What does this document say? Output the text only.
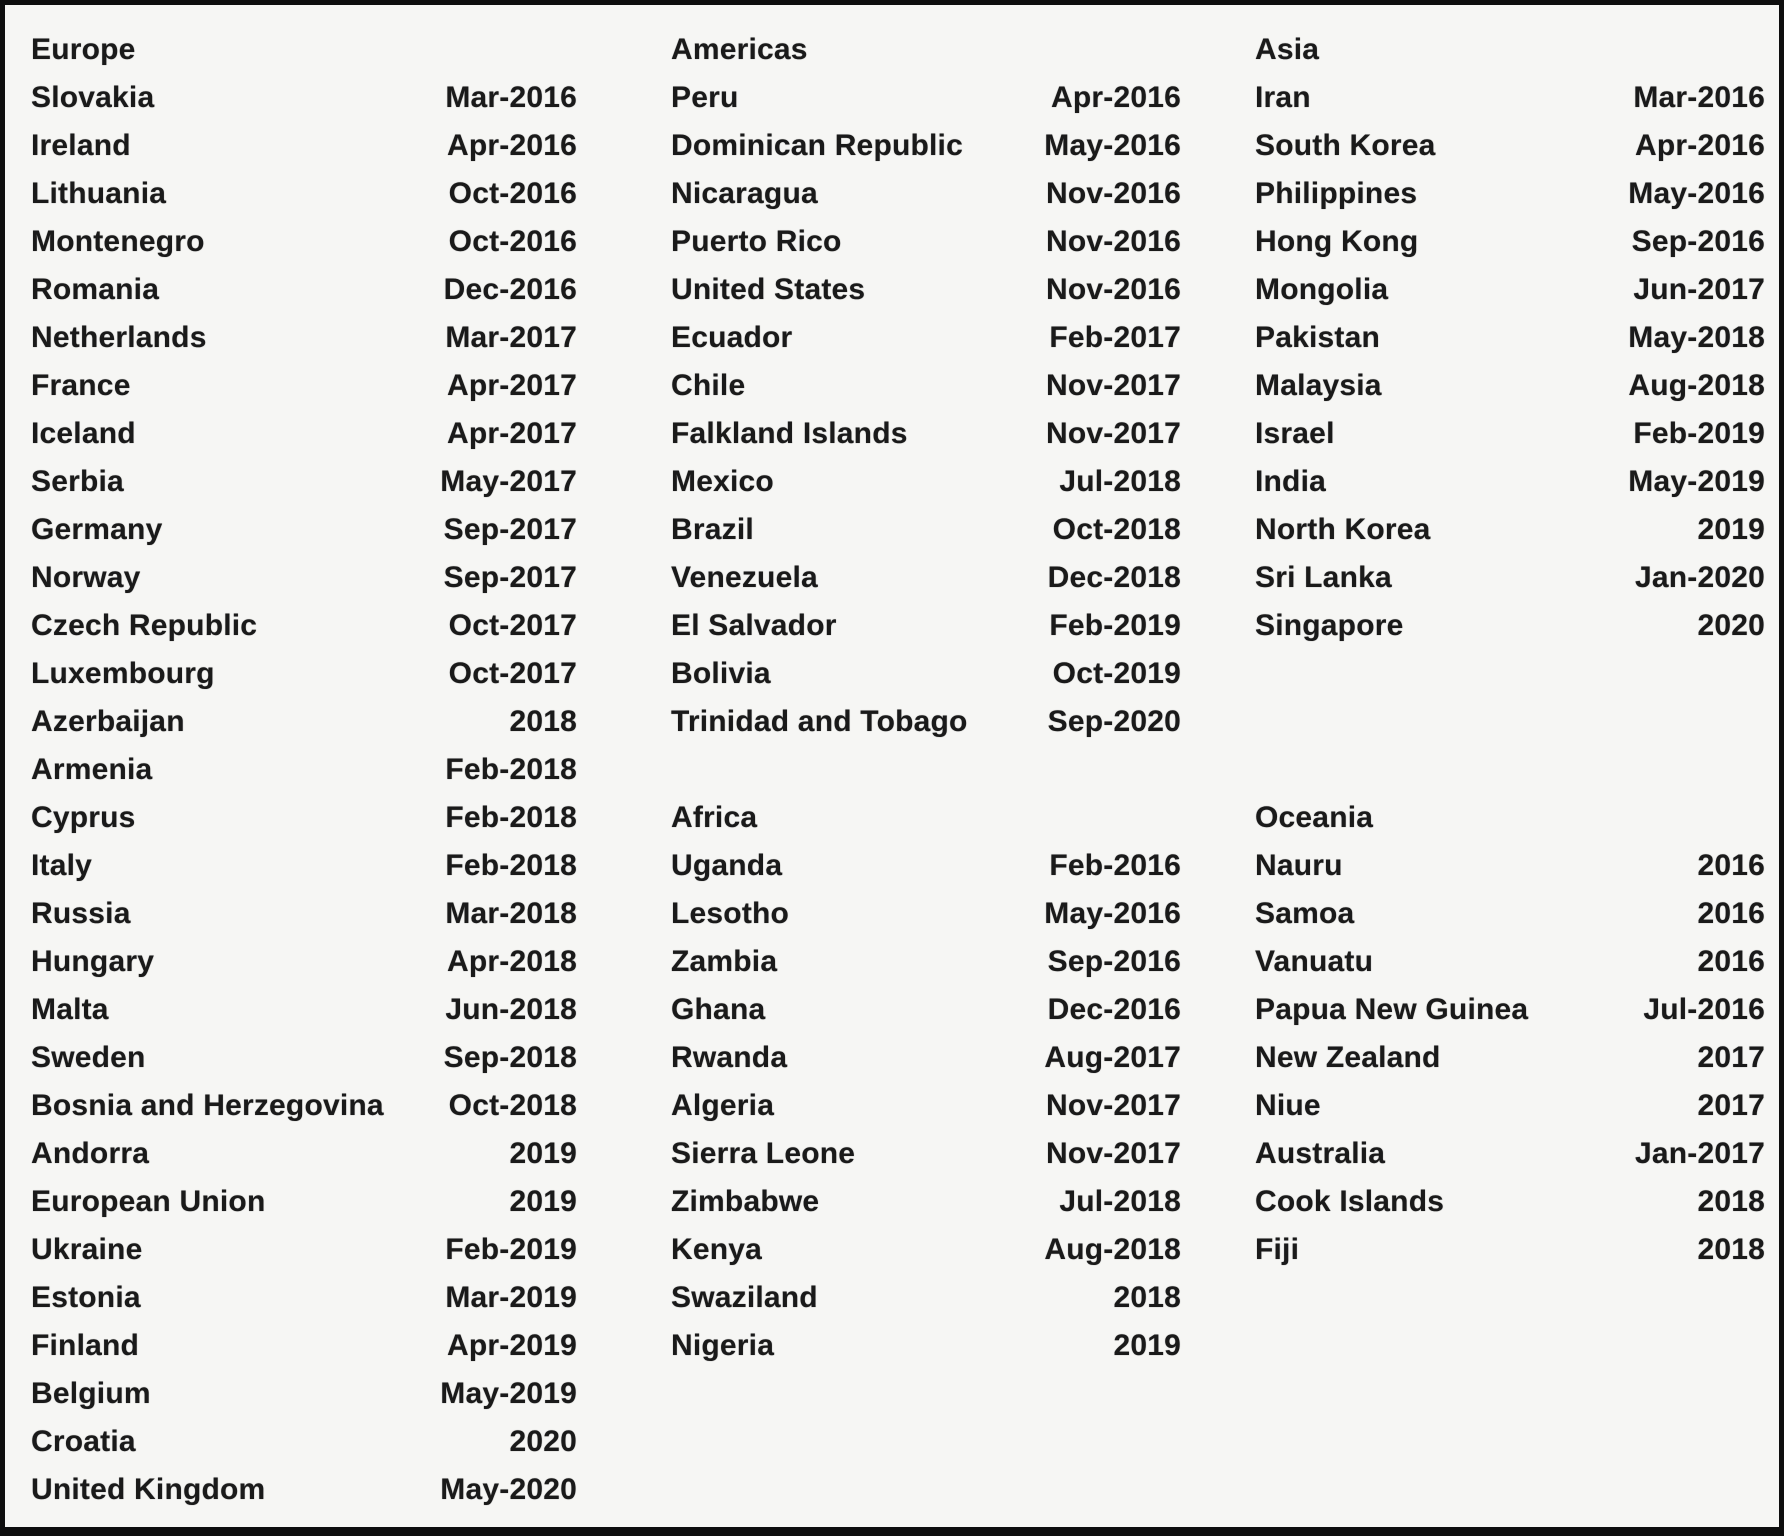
Europe
Slovakia	Mar-2016
Ireland	Apr-2016
Lithuania	Oct-2016
Montenegro	Oct-2016
Romania	Dec-2016
Netherlands	Mar-2017
France	Apr-2017
Iceland	Apr-2017
Serbia	May-2017
Germany	Sep-2017
Norway	Sep-2017
Czech Republic	Oct-2017
Luxembourg	Oct-2017
Azerbaijan	2018
Armenia	Feb-2018
Cyprus	Feb-2018
Italy	Feb-2018
Russia	Mar-2018
Hungary	Apr-2018
Malta	Jun-2018
Sweden	Sep-2018
Bosnia and Herzegovina Oct-2018
Andorra	2019
European Union	2019
Ukraine	Feb-2019
Estonia	Mar-2019
Finland	Apr-2019
Belgium	May-2019
Croatia	2020
United Kingdom	May-2020
Americas
Peru	Apr-2016
Dominican Republic	May-2016
Nicaragua	Nov-2016
Puerto Rico	Nov-2016
United States	Nov-2016
Ecuador	Feb-2017
Chile	Nov-2017
Falkland Islands	Nov-2017
Mexico	Jul-2018
Brazil	Oct-2018
Venezuela	Dec-2018
El Salvador	Feb-2019
Bolivia	Oct-2019
Trinidad and Tobago	Sep-2020
Africa
Uganda	Feb-2016
Lesotho	May-2016
Zambia	Sep-2016
Ghana	Dec-2016
Rwanda	Aug-2017
Algeria	Nov-2017
Sierra Leone	Nov-2017
Zimbabwe	Jul-2018
Kenya	Aug-2018
Swaziland	2018
Nigeria	2019
Asia
Iran	Mar-2016
South Korea	Apr-2016
Philippines	May-2016
Hong Kong	Sep-2016
Mongolia	Jun-2017
Pakistan	May-2018
Malaysia	Aug-2018
Israel	Feb-2019
India	May-2019
North Korea	2019
Sri Lanka	Jan-2020
Singapore	2020
Oceania
Nauru	2016
Samoa	2016
Vanuatu	2016
Papua New Guinea	Jul-2016
New Zealand	2017
Niue	2017
Australia	Jan-2017
Cook Islands	2018
Fiji	2018
